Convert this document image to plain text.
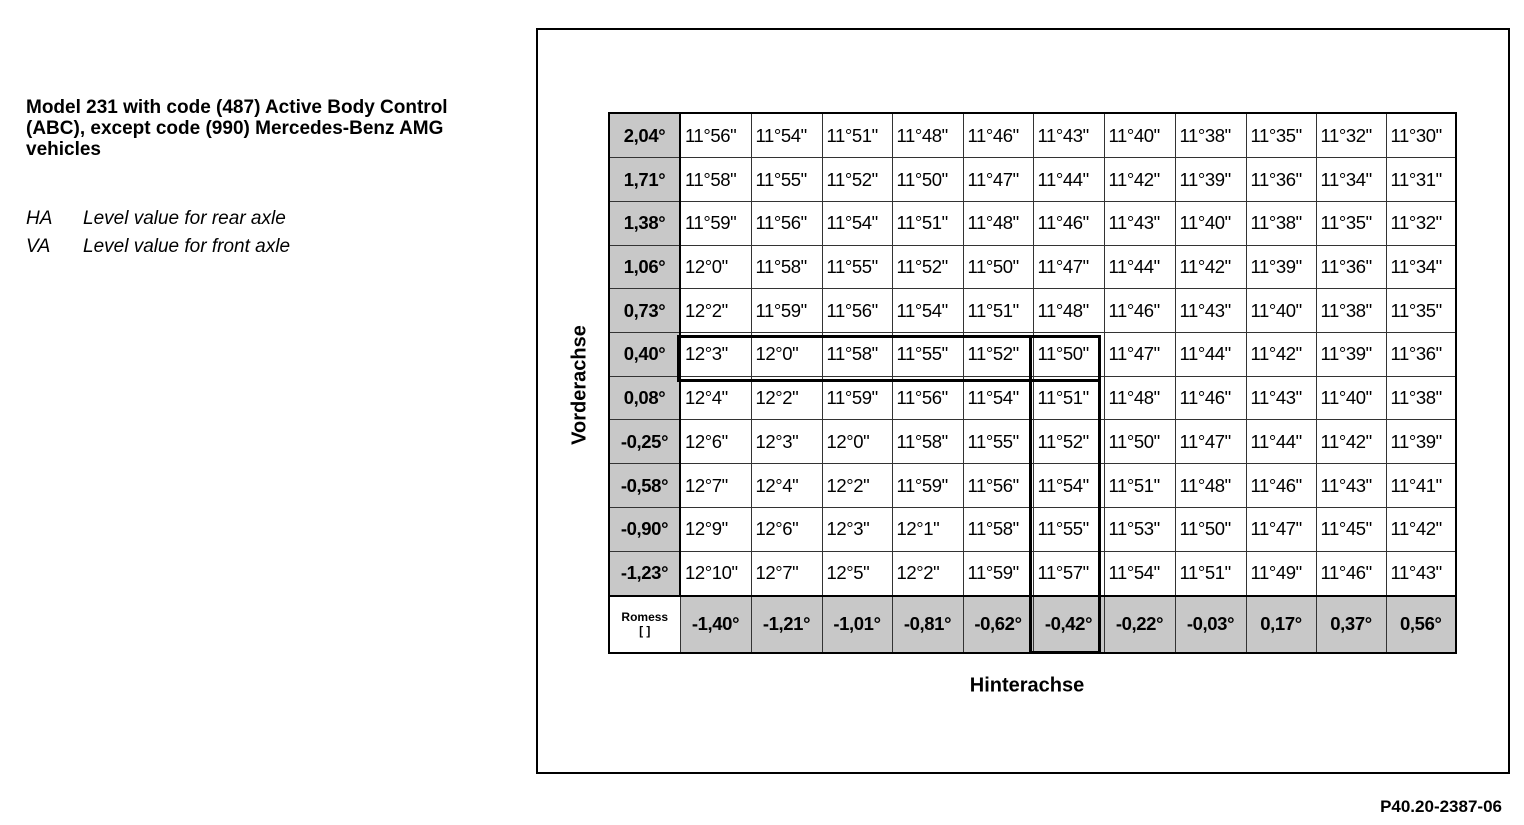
Model 231 with code (487) Active Body Control (ABC), except code (990) Mercedes-Benz AMG vehicles
HA	Level value for rear axle
VA	Level value for front axle
Vorderachse
Hinterachse
2,04°	11°56"	11°54"	11°51"	11°48"	11°46"	11°43"	11°40"	11°38"	11°35"	11°32"	11°30"
1,71°	11°58"	11°55"	11°52"	11°50"	11°47"	11°44"	11°42"	11°39"	11°36"	11°34"	11°31"
1,38°	11°59"	11°56"	11°54"	11°51"	11°48"	11°46"	11°43"	11°40"	11°38"	11°35"	11°32"
1,06°	12°0"	11°58"	11°55"	11°52"	11°50"	11°47"	11°44"	11°42"	11°39"	11°36"	11°34"
0,73°	12°2"	11°59"	11°56"	11°54"	11°51"	11°48"	11°46"	11°43"	11°40"	11°38"	11°35"
0,40°	12°3"	12°0"	11°58"	11°55"	11°52"	11°50"	11°47"	11°44"	11°42"	11°39"	11°36"
0,08°	12°4"	12°2"	11°59"	11°56"	11°54"	11°51"	11°48"	11°46"	11°43"	11°40"	11°38"
-0,25°	12°6"	12°3"	12°0"	11°58"	11°55"	11°52"	11°50"	11°47"	11°44"	11°42"	11°39"
-0,58°	12°7"	12°4"	12°2"	11°59"	11°56"	11°54"	11°51"	11°48"	11°46"	11°43"	11°41"
-0,90°	12°9"	12°6"	12°3"	12°1"	11°58"	11°55"	11°53"	11°50"	11°47"	11°45"	11°42"
-1,23°	12°10"	12°7"	12°5"	12°2"	11°59"	11°57"	11°54"	11°51"	11°49"	11°46"	11°43"

Romess
[ ]	-1,40°	-1,21°	-1,01°	-0,81°	-0,62°	-0,42°	-0,22°	-0,03°	0,17°	0,37°	0,56°
P40.20-2387-06
